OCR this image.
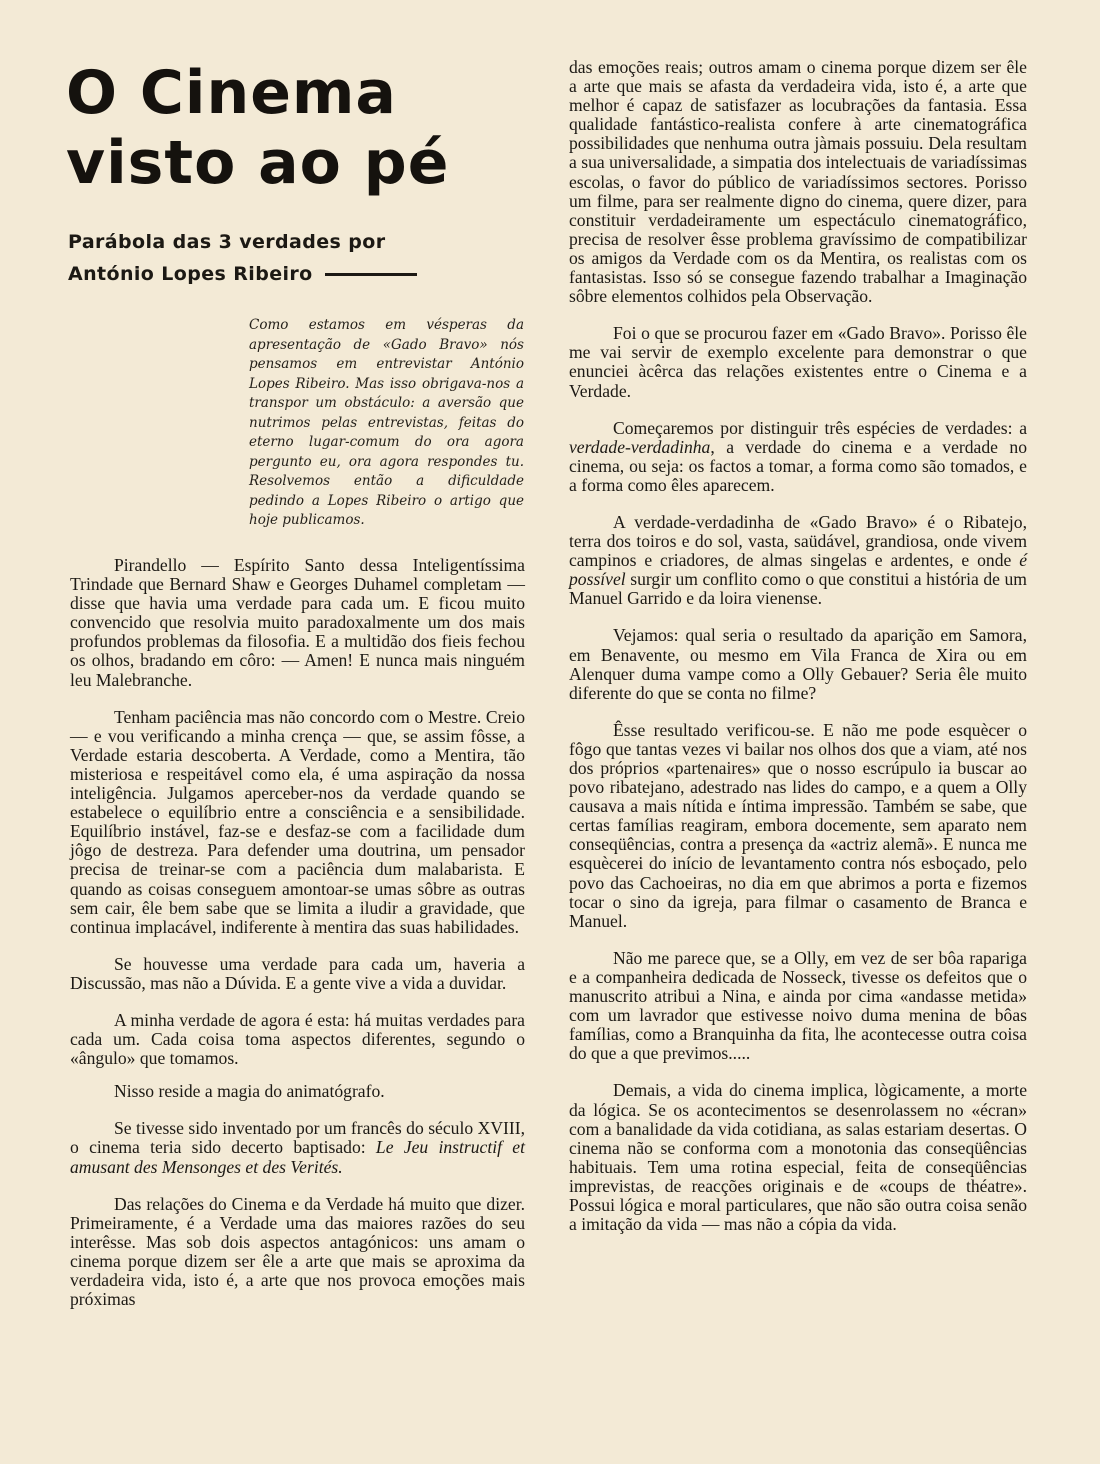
O Cinema
visto ao pé
Parábola das 3 verdades por
António Lopes Ribeiro
Como estamos em vésperas da apresentação de «Gado Bravo» nós pensamos em entrevistar António Lopes Ribeiro. Mas isso obrigava-nos a transpor um obstáculo: a aversão que nutrimos pelas entrevistas, feitas do eterno lugar-comum do ora agora pergunto eu, ora agora respondes tu. Resolvemos então a dificuldade pedindo a Lopes Ribeiro o artigo que hoje publicamos.

Pirandello — Espírito Santo dessa Inteligentíssima Trindade que Bernard Shaw e Georges Duhamel completam — disse que havia uma verdade para cada um. E ficou muito convencido que resolvia muito paradoxalmente um dos mais profundos problemas da filosofia. E a multidão dos fieis fechou os olhos, bradando em côro: — Amen! E nunca mais ninguém leu Malebranche.

Tenham paciência mas não concordo com o Mestre. Creio — e vou verificando a minha crença — que, se assim fôsse, a Verdade estaria descoberta. A Verdade, como a Mentira, tão misteriosa e respeitável como ela, é uma aspiração da nossa inteligência. Julgamos aperceber-nos da verdade quando se estabelece o equilíbrio entre a consciência e a sensibilidade. Equilíbrio instável, faz-se e desfaz-se com a facilidade dum jôgo de destreza. Para defender uma doutrina, um pensador precisa de treinar-se com a paciência dum malabarista. E quando as coisas conseguem amontoar-se umas sôbre as outras sem cair, êle bem sabe que se limita a iludir a gravidade, que continua implacável, indiferente à mentira das suas habilidades.

Se houvesse uma verdade para cada um, haveria a Discussão, mas não a Dúvida. E a gente vive a vida a duvidar.

A minha verdade de agora é esta: há muitas verdades para cada um. Cada coisa toma aspectos diferentes, segundo o «ângulo» que tomamos.

Nisso reside a magia do animatógrafo.

Se tivesse sido inventado por um francês do século XVIII, o cinema teria sido decerto baptisado: Le Jeu instructif et amusant des Mensonges et des Verités.

Das relações do Cinema e da Verdade há muito que dizer. Primeiramente, é a Verdade uma das maiores razões do seu interêsse. Mas sob dois aspectos antagónicos: uns amam o cinema porque dizem ser êle a arte que mais se aproxima da verdadeira vida, isto é, a arte que nos provoca emoções mais próximas

das emoções reais; outros amam o cinema porque dizem ser êle a arte que mais se afasta da verdadeira vida, isto é, a arte que melhor é capaz de satisfazer as locubrações da fantasia. Essa qualidade fantástico-realista confere à arte cinematográfica possibilidades que nenhuma outra jàmais possuiu. Dela resultam a sua universalidade, a simpatia dos intelectuais de variadíssimas escolas, o favor do público de variadíssimos sectores. Porisso um filme, para ser realmente digno do cinema, quere dizer, para constituir verdadeiramente um espectáculo cinematográfico, precisa de resolver êsse problema gravíssimo de compatibilizar os amigos da Verdade com os da Mentira, os realistas com os fantasistas. Isso só se consegue fazendo trabalhar a Imaginação sôbre elementos colhidos pela Observação.

Foi o que se procurou fazer em «Gado Bravo». Porisso êle me vai servir de exemplo excelente para demonstrar o que enunciei àcêrca das relações existentes entre o Cinema e a Verdade.

Começaremos por distinguir três espécies de verdades: a verdade-verdadinha, a verdade do cinema e a verdade no cinema, ou seja: os factos a tomar, a forma como são tomados, e a forma como êles aparecem.

A verdade-verdadinha de «Gado Bravo» é o Ribatejo, terra dos toiros e do sol, vasta, saüdável, grandiosa, onde vivem campinos e criadores, de almas singelas e ardentes, e onde é possível surgir um conflito como o que constitui a história de um Manuel Garrido e da loira vienense.

Vejamos: qual seria o resultado da aparição em Samora, em Benavente, ou mesmo em Vila Franca de Xira ou em Alenquer duma vampe como a Olly Gebauer? Seria êle muito diferente do que se conta no filme?

Êsse resultado verificou-se. E não me pode esquècer o fôgo que tantas vezes vi bailar nos olhos dos que a viam, até nos dos próprios «partenaires» que o nosso escrúpulo ia buscar ao povo ribatejano, adestrado nas lides do campo, e a quem a Olly causava a mais nítida e íntima impressão. Também se sabe, que certas famílias reagiram, embora docemente, sem aparato nem conseqüências, contra a presença da «actriz alemã». E nunca me esquècerei do início de levantamento contra nós esboçado, pelo povo das Cachoeiras, no dia em que abrimos a porta e fizemos tocar o sino da igreja, para filmar o casamento de Branca e Manuel.

Não me parece que, se a Olly, em vez de ser bôa rapariga e a companheira dedicada de Nosseck, tivesse os defeitos que o manuscrito atribui a Nina, e ainda por cima «andasse metida» com um lavrador que estivesse noivo duma menina de bôas famílias, como a Branquinha da fita, lhe acontecesse outra coisa do que a que previmos.....

Demais, a vida do cinema implica, lògicamente, a morte da lógica. Se os acontecimentos se desenrolassem no «écran» com a banalidade da vida cotidiana, as salas estariam desertas. O cinema não se conforma com a monotonia das conseqüências habituais. Tem uma rotina especial, feita de conseqüências imprevistas, de reacções originais e de «coups de théatre». Possui lógica e moral particulares, que não são outra coisa senão a imitação da vida — mas não a cópia da vida.
